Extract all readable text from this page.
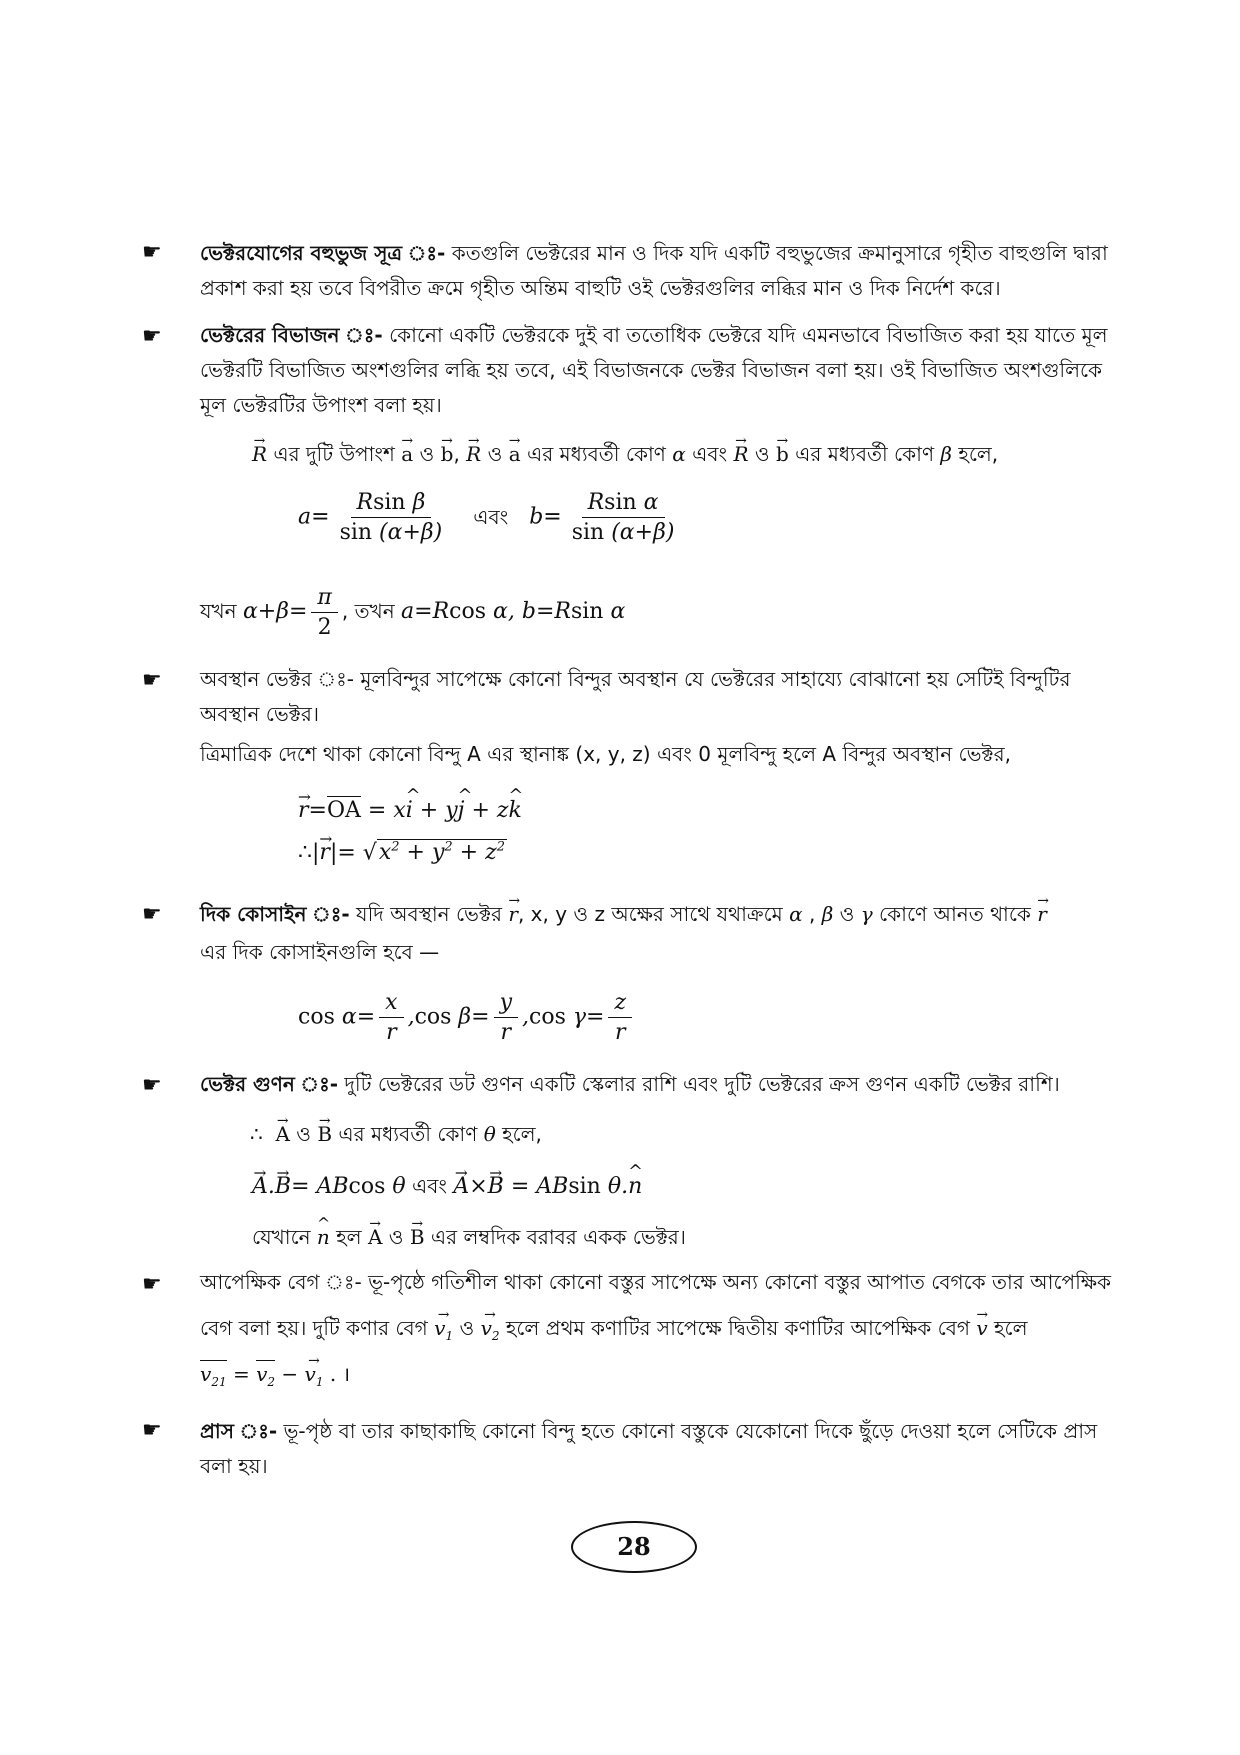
☛ ভেক্টরযোগের বহুভুজ সূত্র ঃ- কতগুলি ভেক্টরের মান ও দিক যদি একটি বহুভুজের ক্রমানুসারে গৃহীত বাহুগুলি দ্বারা প্রকাশ করা হয় তবে বিপরীত ক্রমে গৃহীত অন্তিম বাহুটি ওই ভেক্টরগুলির লব্ধির মান ও দিক নির্দেশ করে।
☛ ভেক্টরের বিভাজন ঃ- কোনো একটি ভেক্টরকে দুই বা ততোধিক ভেক্টরে যদি এমনভাবে বিভাজিত করা হয় যাতে মূল ভেক্টরটি বিভাজিত অংশগুলির লব্ধি হয় তবে, এই বিভাজনকে ভেক্টর বিভাজন বলা হয়। ওই বিভাজিত অংশগুলিকে মূল ভেক্টরটির উপাংশ বলা হয়।
→ R এর দুটি উপাংশ → a ও → b, → R ও → a এর মধ্যবর্তী কোণ α এবং → R ও → b এর মধ্যবর্তী কোণ β হলে,
$a= \frac{\text{Rsin β}}{\sin (\alpha+\beta)}$ এবং $b= \frac{\text{Rsin α}}{\sin (\alpha+\beta)}$
যখন $\alpha+\beta= \frac{\pi}{2}$ , তখন a=Rcos α, b=Rsin α
☛ অবস্থান ভেক্টর ঃ- মূলবিন্দুর সাপেক্ষে কোনো বিন্দুর অবস্থান যে ভেক্টরের সাহায্যে বোঝানো হয় সেটিই বিন্দুটির অবস্থান ভেক্টর।
ত্রিমাত্রিক দেশে থাকা কোনো বিন্দু A এর স্থানাঙ্ক (x, y, z) এবং 0 মূলবিন্দু হলে A বিন্দুর অবস্থান ভেক্টর,
→ r=OA = x^ i + y^ j + z^ k
∴|→ $r|= √x^2 + y^2 + z^2$
☛ দিক কোসাইন ঃ- যদি অবস্থান ভেক্টর → r, x, y ও z অক্ষের সাথে যথাক্রমে α , β ও γ কোণে আনত থাকে → r
এর দিক কোসাইনগুলি হবে —
$\cos \alpha= \frac{x}{r} ,\cos$ $\beta= \frac{y}{r} ,\cos$ $\gamma= \frac{z}{r}$
☛ ভেক্টর গুণন ঃ- দুটি ভেক্টরের ডট গুণন একটি স্কেলার রাশি এবং দুটি ভেক্টরের ক্রস গুণন একটি ভেক্টর রাশি।
∴ → A ও → B এর মধ্যবর্তী কোণ θ হলে,
→ A.→ B= ABcos θ এবং → A×→ B = ABsin θ.^ n
যেখানে ^ n হল → A ও → B এর লম্বদিক বরাবর একক ভেক্টর।
☛ আপেক্ষিক বেগ ঃ- ভূ-পৃষ্ঠে গতিশীল থাকা কোনো বস্তুর সাপেক্ষে অন্য কোনো বস্তুর আপাত বেগকে তার আপেক্ষিক
বেগ বলা হয়। দুটি কণার বেগ → $v_1$ ও → $v_2$ হলে প্রথম কণাটির সাপেক্ষে দ্বিতীয় কণাটির আপেক্ষিক বেগ → v হলে
$v_{21} = v_2$ − → $v_1$ . ।
☛ প্রাস ঃ- ভূ-পৃষ্ঠ বা তার কাছাকাছি কোনো বিন্দু হতে কোনো বস্তুকে যেকোনো দিকে ছুঁড়ে দেওয়া হলে সেটিকে প্রাস বলা হয়।
28
